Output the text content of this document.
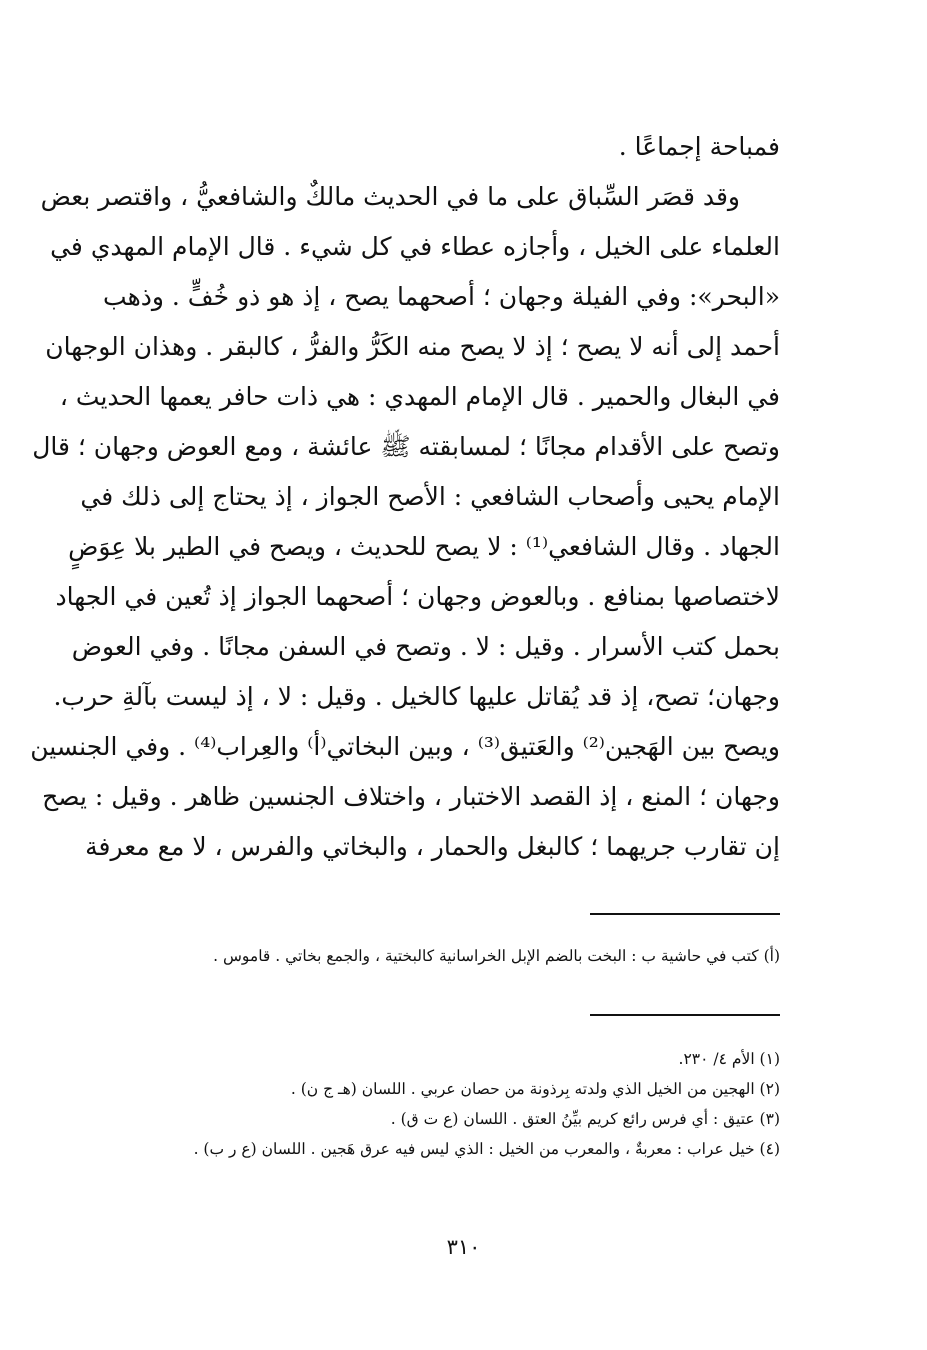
فمباحة إجماعًا .
وقد قصَر السِّباق على ما في الحديث مالكٌ والشافعيُّ ، واقتصر بعض
العلماء على الخيل ، وأجازه عطاء في كل شيء . قال الإمام المهدي في
«البحر»: وفي الفيلة وجهان ؛ أصحهما يصح ، إذ هو ذو خُفٍّ . وذهب
أحمد إلى أنه لا يصح ؛ إذ لا يصح منه الكَرُّ والفرُّ ، كالبقر . وهذان الوجهان
في البغال والحمير . قال الإمام المهدي : هي ذات حافر يعمها الحديث ،
وتصح على الأقدام مجانًا ؛ لمسابقته ﷺ عائشة ، ومع العوض وجهان ؛ قال
الإمام يحيى وأصحاب الشافعي : الأصح الجواز ، إذ يحتاج إلى ذلك في
الجهاد . وقال الشافعي⁽¹⁾ : لا يصح للحديث ، ويصح في الطير بلا عِوَضٍ
لاختصاصها بمنافع . وبالعوض وجهان ؛ أصحهما الجواز إذ تُعين في الجهاد
بحمل كتب الأسرار . وقيل : لا . وتصح في السفن مجانًا . وفي العوض
وجهان؛ تصح، إذ قد يُقاتل عليها كالخيل . وقيل : لا ، إذ ليست بآلةِ حرب.
ويصح بين الهَجين⁽²⁾ والعَتيق⁽³⁾ ، وبين البخاتي⁽أ⁾ والعِراب⁽⁴⁾ . وفي الجنسين
وجهان ؛ المنع ، إذ القصد الاختبار ، واختلاف الجنسين ظاهر . وقيل : يصح
إن تقارب جريهما ؛ كالبغل والحمار ، والبخاتي والفرس ، لا مع معرفة
(أ) كتب في حاشية ب : البخت بالضم الإبل الخراسانية كالبختية ، والجمع بخاتي . قاموس .
(١) الأم ٤/ ٢٣٠.
(٢) الهجين من الخيل الذي ولدته بِرذونة من حصان عربي . اللسان (هـ ج ن) .
(٣) عتيق : أي فرس رائع كريم بيِّنُ العتق . اللسان (ع ت ق) .
(٤) خيل عراب : معربةٌ ، والمعرب من الخيل : الذي ليس فيه عرق هَجين . اللسان (ع ر ب) .
٣١٠
